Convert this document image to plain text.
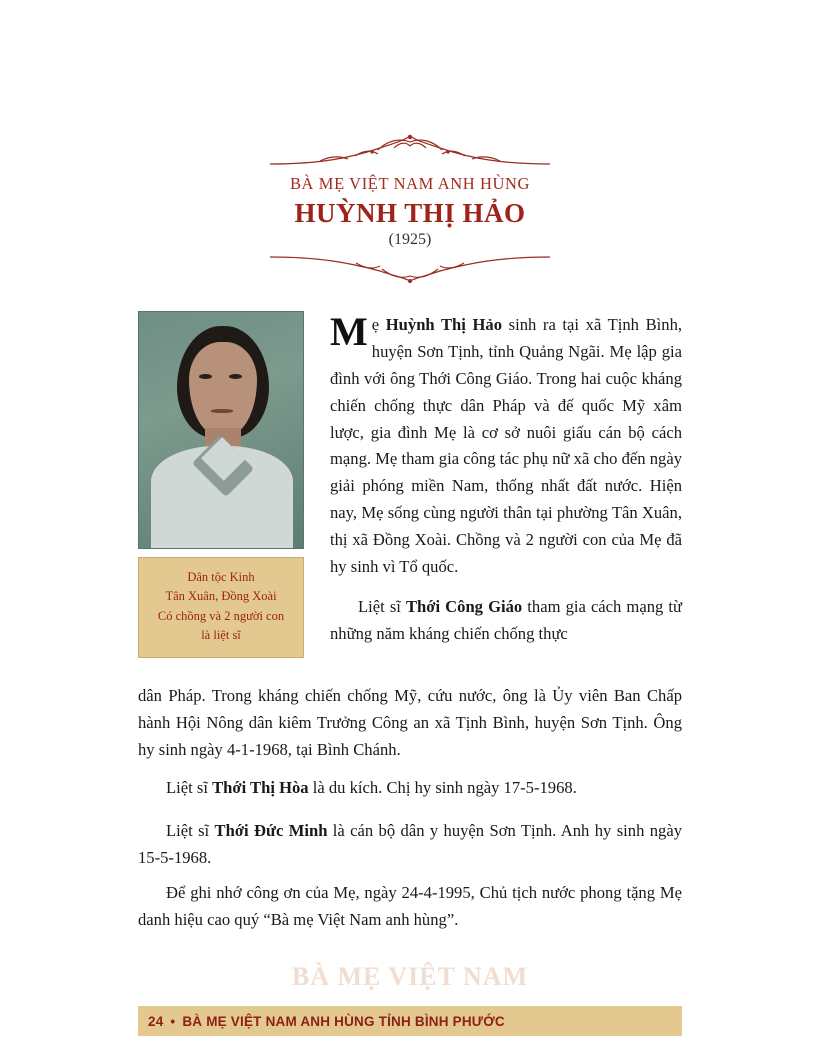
BÀ MẸ VIỆT NAM ANH HÙNG
HUỲNH THỊ HẢO
(1925)
Dân tộc Kinh
Tân Xuân, Đồng Xoài
Có chồng và 2 người con
là liệt sĩ

Mẹ Huỳnh Thị Hảo sinh ra tại xã Tịnh Bình, huyện Sơn Tịnh, tỉnh Quảng Ngãi. Mẹ lập gia đình với ông Thới Công Giáo. Trong hai cuộc kháng chiến chống thực dân Pháp và đế quốc Mỹ xâm lược, gia đình Mẹ là cơ sở nuôi giấu cán bộ cách mạng. Mẹ tham gia công tác phụ nữ xã cho đến ngày giải phóng miền Nam, thống nhất đất nước. Hiện nay, Mẹ sống cùng người thân tại phường Tân Xuân, thị xã Đồng Xoài. Chồng và 2 người con của Mẹ đã hy sinh vì Tổ quốc.

Liệt sĩ Thới Công Giáo tham gia cách mạng từ những năm kháng chiến chống thực

dân Pháp. Trong kháng chiến chống Mỹ, cứu nước, ông là Ủy viên Ban Chấp hành Hội Nông dân kiêm Trưởng Công an xã Tịnh Bình, huyện Sơn Tịnh. Ông hy sinh ngày 4-1-1968, tại Bình Chánh.
Liệt sĩ Thới Thị Hòa là du kích. Chị hy sinh ngày 17-5-1968.
Liệt sĩ Thới Đức Minh là cán bộ dân y huyện Sơn Tịnh. Anh hy sinh ngày 15-5-1968.
Để ghi nhớ công ơn của Mẹ, ngày 24-4-1995, Chủ tịch nước phong tặng Mẹ danh hiệu cao quý “Bà mẹ Việt Nam anh hùng”.
BÀ MẸ VIỆT NAM
24 • BÀ MẸ VIỆT NAM ANH HÙNG TỈNH BÌNH PHƯỚC
